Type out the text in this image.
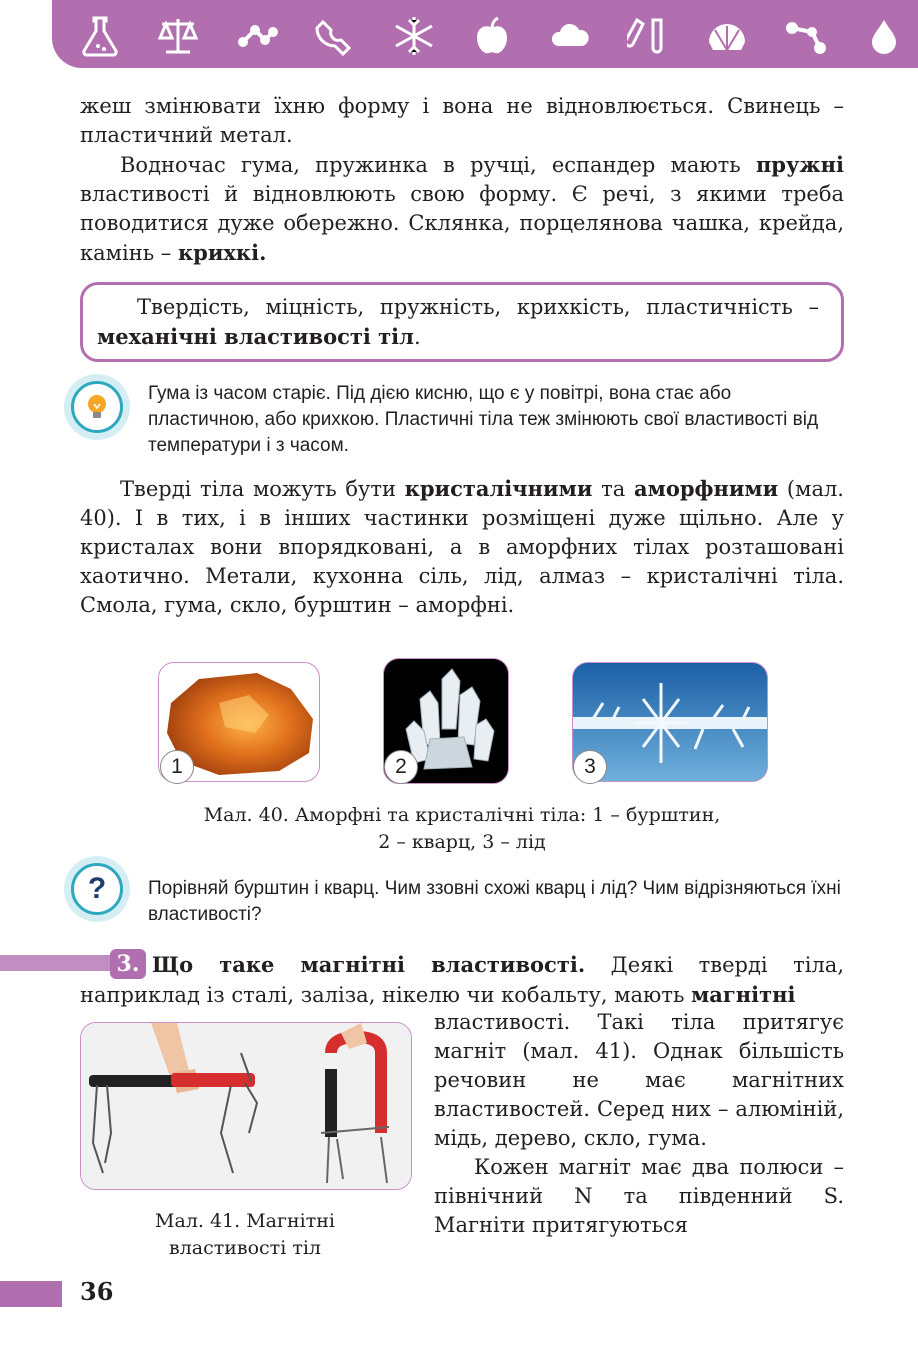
жеш змінювати їхню форму і вона не відновлюється. Свинець – пластичний метал.
Водночас гума, пружинка в ручці, еспандер мають пружні властивості й відновлюють свою форму. Є речі, з якими треба поводитися дуже обережно. Склянка, порцелянова чашка, крейда, камінь – крихкі.
Твердість, міцність, пружність, крихкість, пластичність – механічні властивості тіл.
Гума із часом старіє. Під дією кисню, що є у повітрі, вона стає або пластичною, або крихкою. Пластичні тіла теж змінюють свої властивості від температури і з часом.
Тверді тіла можуть бути кристалічними та аморфними (мал. 40). І в тих, і в інших частинки розміщені дуже щільно. Але у кристалах вони впорядковані, а в аморфних тілах розташовані хаотично. Метали, кухонна сіль, лід, алмаз – кристалічні тіла. Смола, гума, скло, бурштин – аморфні.
1	2	3
Мал. 40. Аморфні та кристалічні тіла: 1 – бурштин,
2 – кварц, 3 – лід
?	Порівняй бурштин і кварц. Чим ззовні схожі кварц і лід? Чим відрізняються їхні властивості?
3. Що таке магнітні властивості. Деякі тверді тіла, наприклад із сталі, заліза, нікелю чи кобальту, мають магнітні
Мал. 41. Магнітні
властивості тіл
властивості. Такі тіла притягує магніт (мал. 41). Однак більшість речовин не має магнітних властивостей. Серед них – алюміній, мідь, дерево, скло, гума.
Кожен магніт має два полюси – північний N та південний S. Магніти притягуються
36
